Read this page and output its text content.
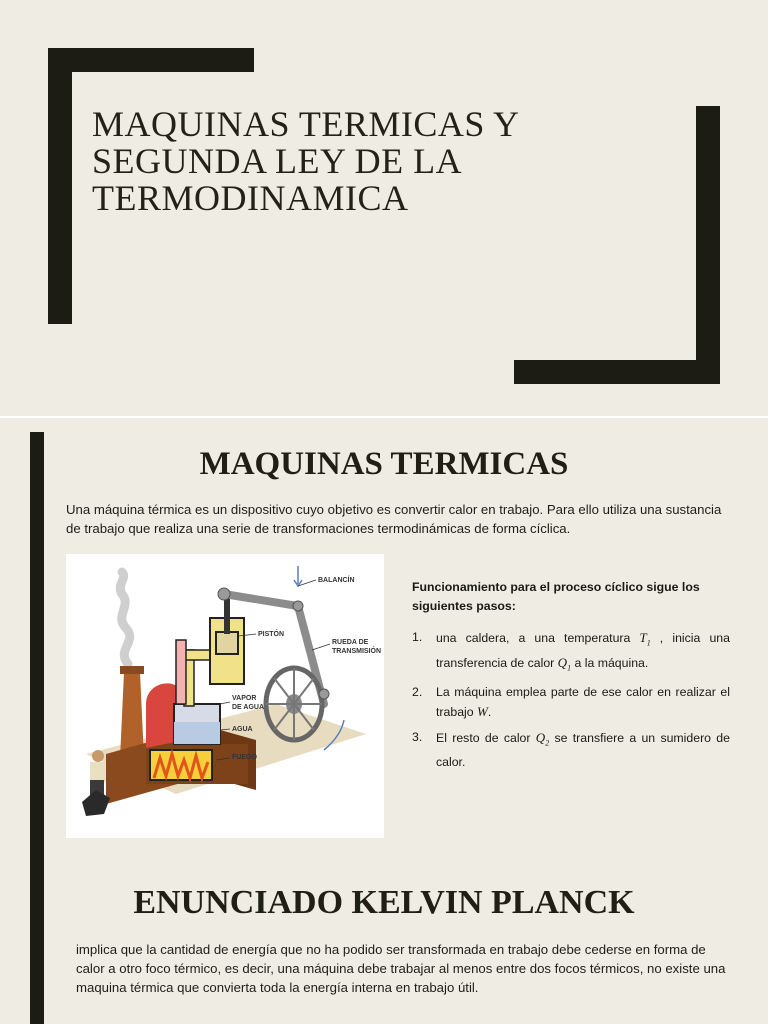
MAQUINAS TERMICAS Y
SEGUNDA LEY DE LA
TERMODINAMICA
MAQUINAS TERMICAS
Una máquina térmica es un dispositivo cuyo objetivo es convertir calor en trabajo. Para ello utiliza una sustancia de trabajo que realiza una serie de transformaciones termodinámicas de forma cíclica.
BALANCÍN
PISTÓN
RUEDA DE
TRANSMISIÓN
VAPOR
DE AGUA
AGUA
FUEGO

Funcionamiento para el proceso cíclico sigue los siguientes pasos:

1. una caldera, a una temperatura $T_1$ , inicia una transferencia de calor $Q_1$ a la máquina.
2. La máquina emplea parte de ese calor en realizar el trabajo W.
3. El resto de calor $Q_2$ se transfiere a un sumidero de calor.
ENUNCIADO KELVIN PLANCK
implica que la cantidad de energía que no ha podido ser transformada en trabajo debe cederse en forma de calor a otro foco térmico, es decir, una máquina debe trabajar al menos entre dos focos térmicos, no existe una maquina térmica que convierta toda la energía interna en trabajo útil.
